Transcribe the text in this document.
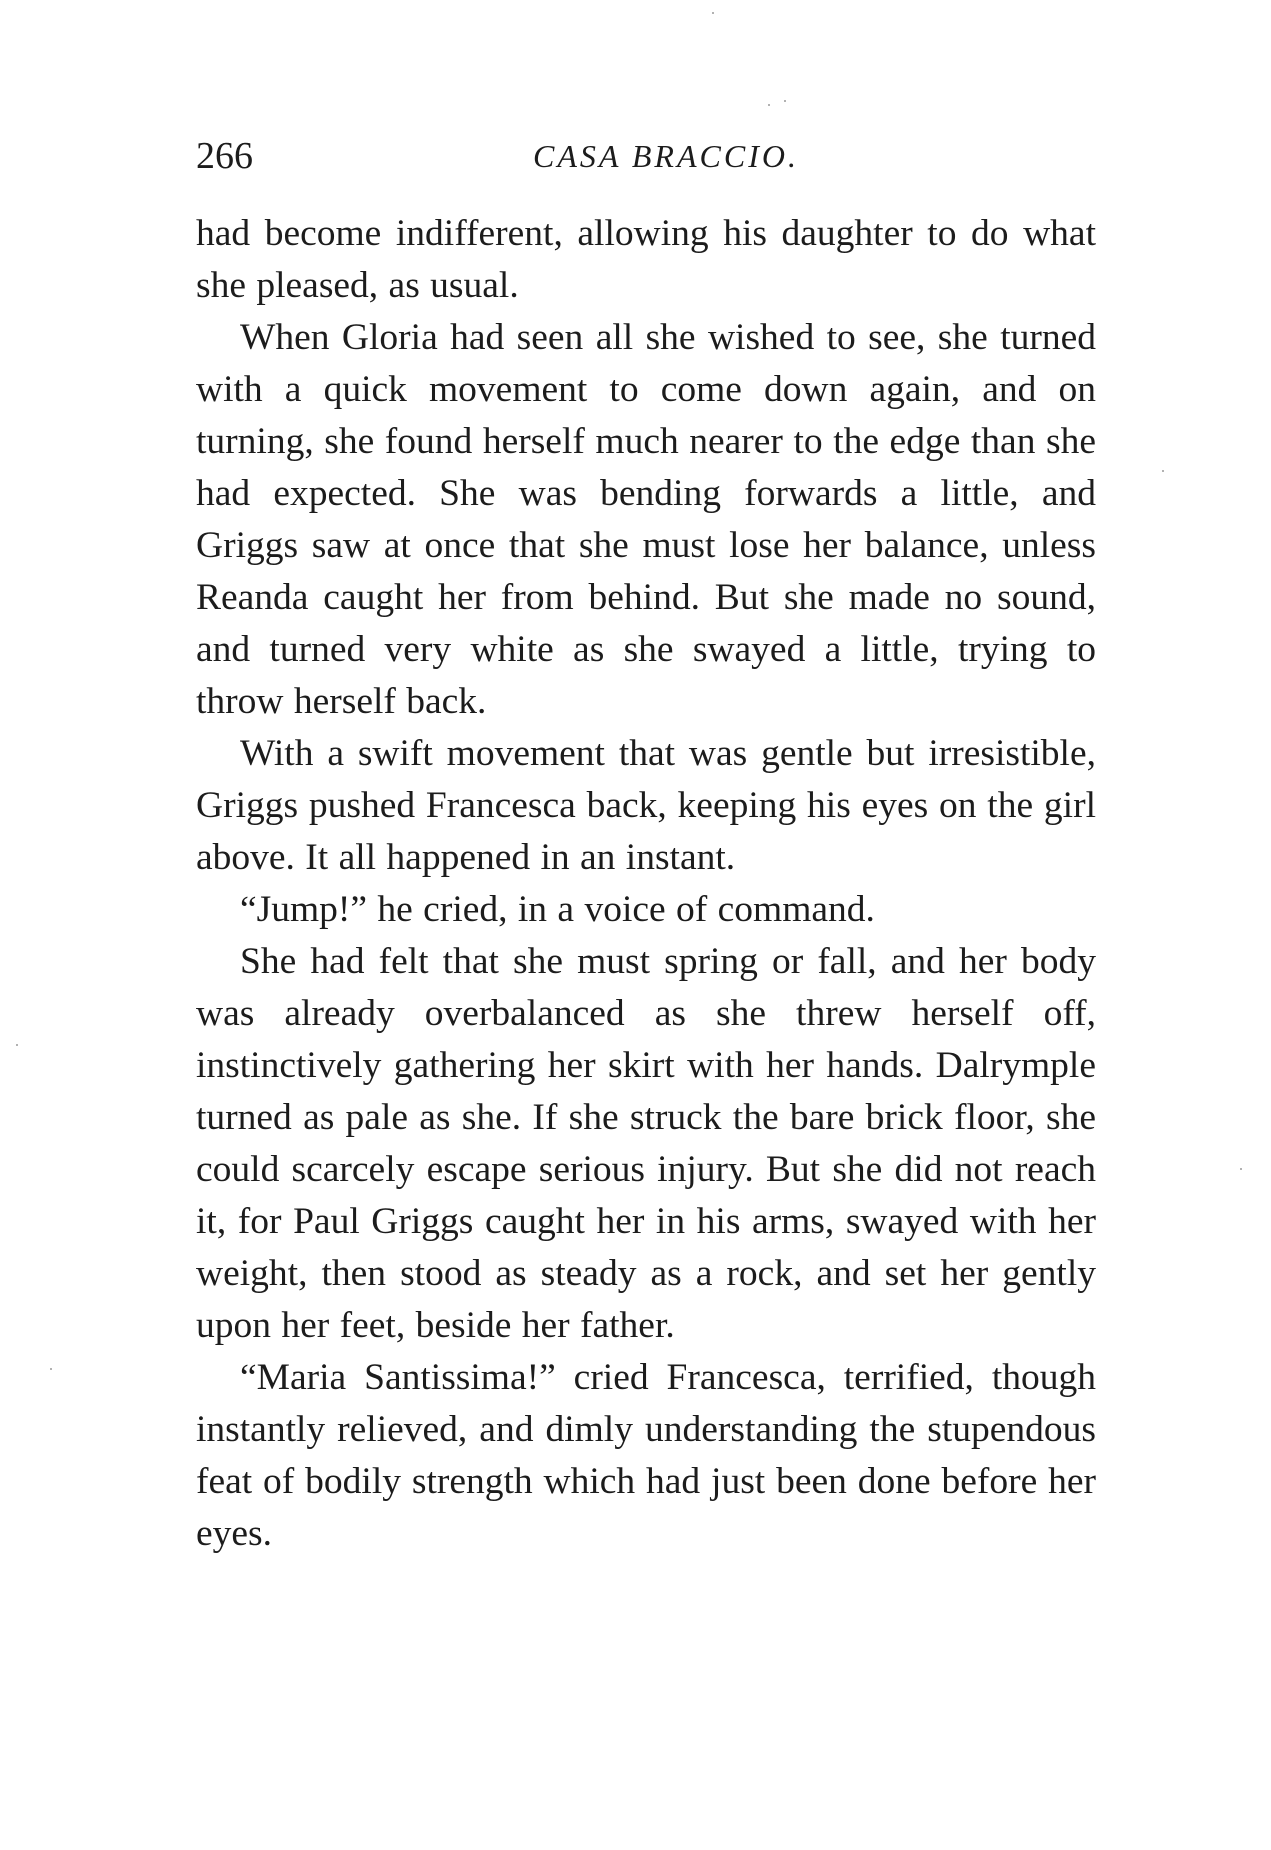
266	CASA BRACCIO.

had become indifferent, allowing his daughter to do what she pleased, as usual.

When Gloria had seen all she wished to see, she turned with a quick movement to come down again, and on turning, she found herself much nearer to the edge than she had expected. She was bending forwards a little, and Griggs saw at once that she must lose her balance, unless Reanda caught her from behind. But she made no sound, and turned very white as she swayed a little, trying to throw herself back.

With a swift movement that was gentle but irresistible, Griggs pushed Francesca back, keeping his eyes on the girl above. It all happened in an instant.

“Jump!” he cried, in a voice of command.

She had felt that she must spring or fall, and her body was already overbalanced as she threw herself off, instinctively gathering her skirt with her hands. Dalrymple turned as pale as she. If she struck the bare brick floor, she could scarcely escape serious injury. But she did not reach it, for Paul Griggs caught her in his arms, swayed with her weight, then stood as steady as a rock, and set her gently upon her feet, beside her father.

“Maria Santissima!” cried Francesca, terrified, though instantly relieved, and dimly understanding the stupendous feat of bodily strength which had just been done before her eyes.
